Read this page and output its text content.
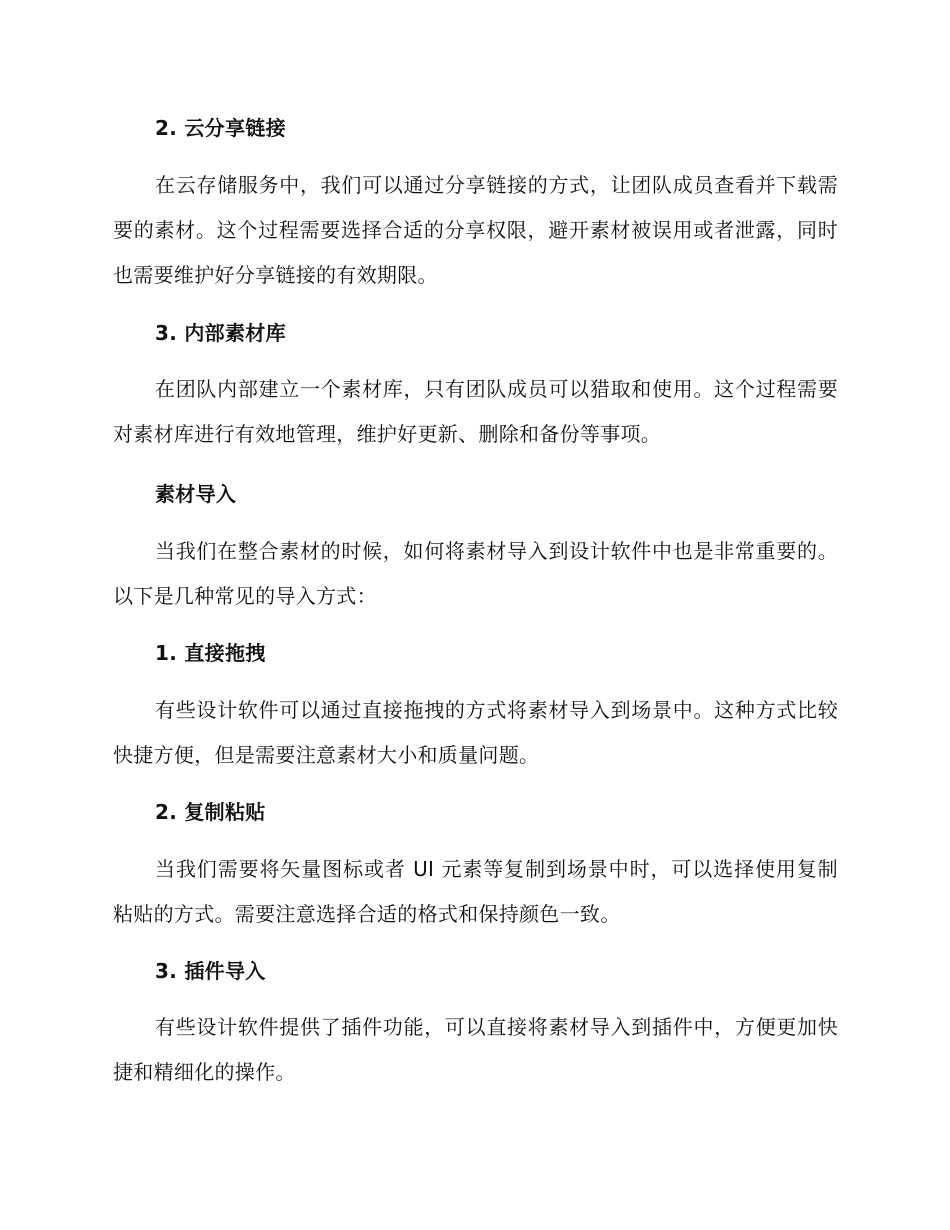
2. 云分享链接

在云存储服务中，我们可以通过分享链接的方式，让团队成员查看并下载需要的素材。这个过程需要选择合适的分享权限，避开素材被误用或者泄露，同时也需要维护好分享链接的有效期限。

3. 内部素材库

在团队内部建立一个素材库，只有团队成员可以猎取和使用。这个过程需要对素材库进行有效地管理，维护好更新、删除和备份等事项。

素材导入

当我们在整合素材的时候，如何将素材导入到设计软件中也是非常重要的。以下是几种常见的导入方式：

1. 直接拖拽

有些设计软件可以通过直接拖拽的方式将素材导入到场景中。这种方式比较快捷方便，但是需要注意素材大小和质量问题。

2. 复制粘贴

当我们需要将矢量图标或者 UI 元素等复制到场景中时，可以选择使用复制粘贴的方式。需要注意选择合适的格式和保持颜色一致。

3. 插件导入

有些设计软件提供了插件功能，可以直接将素材导入到插件中，方便更加快捷和精细化的操作。
